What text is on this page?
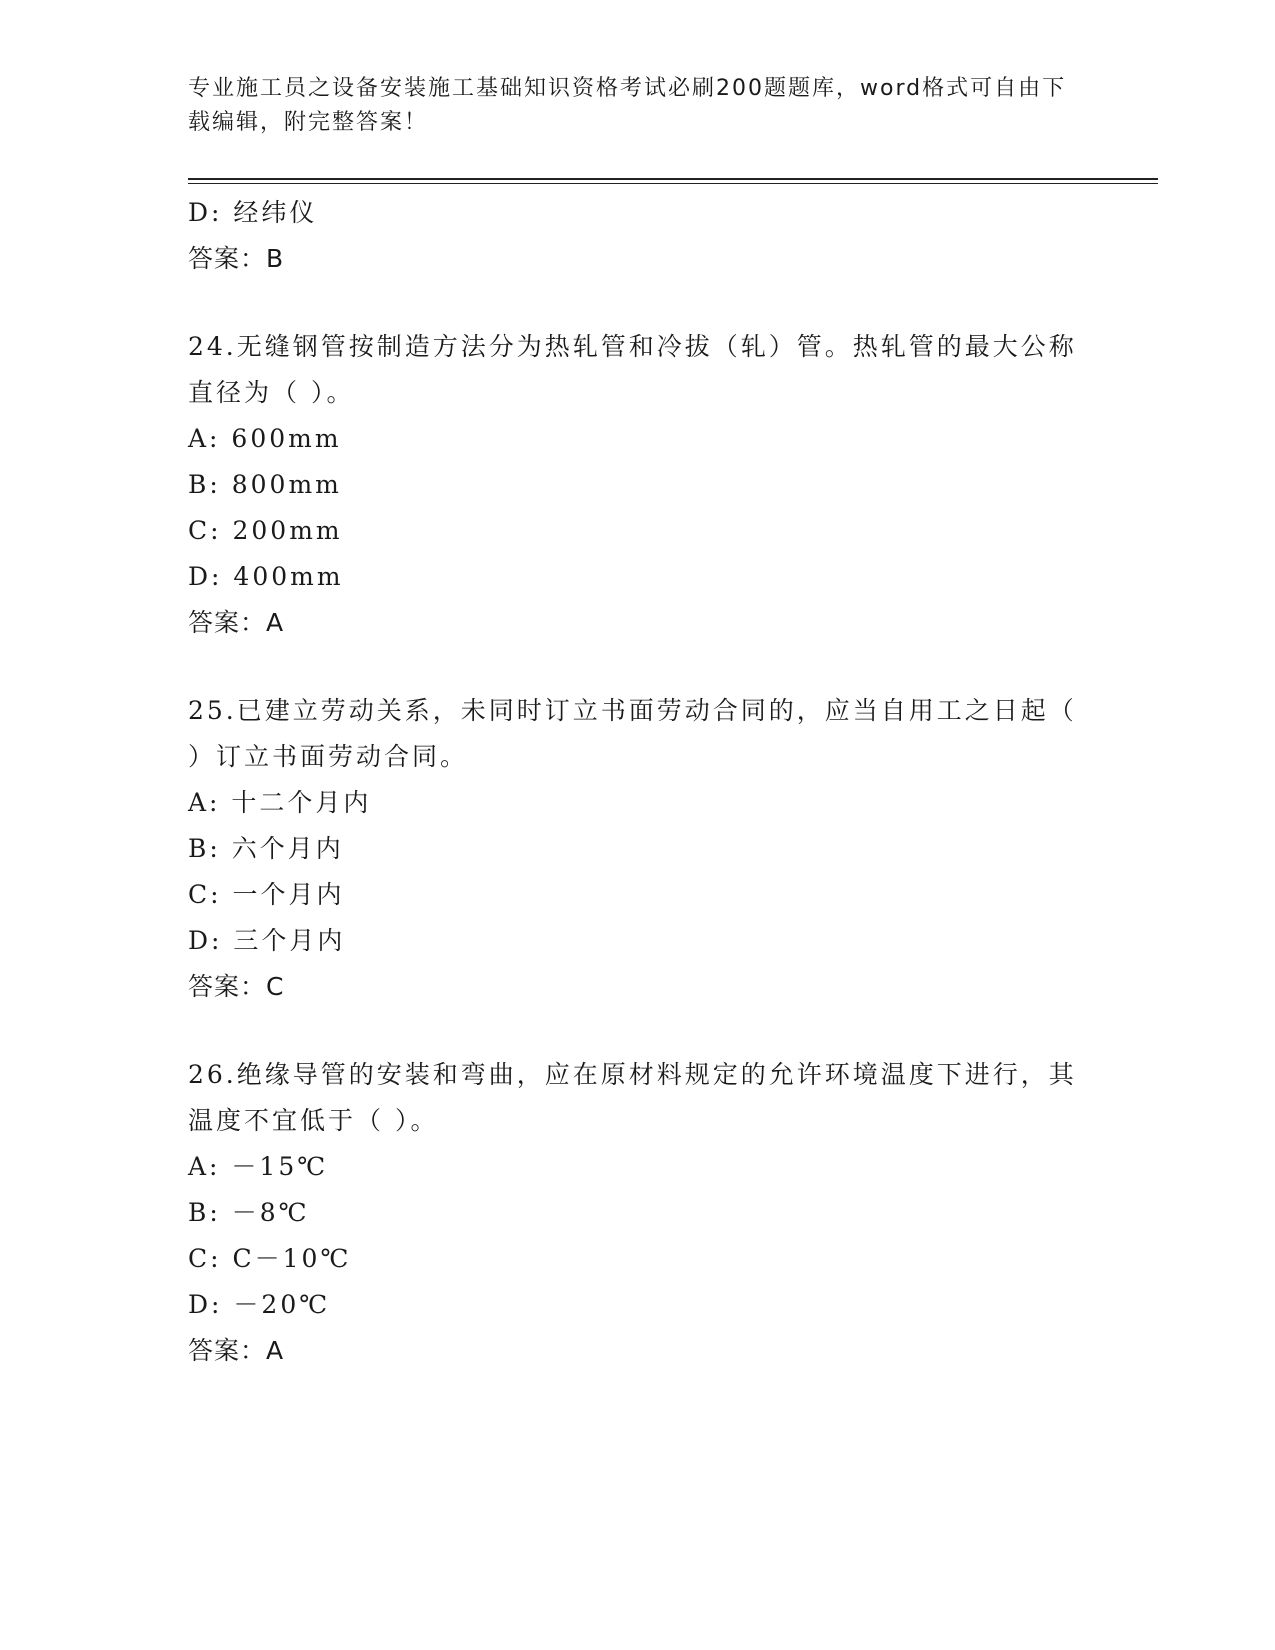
专业施工员之设备安装施工基础知识资格考试必刷200题题库，word格式可自由下载编辑，附完整答案！
D: 经纬仪
答案：B
24.无缝钢管按制造方法分为热轧管和冷拔（轧）管。热轧管的最大公称直径为（ ）。
A: 600mm
B: 800mm
C: 200mm
D: 400mm
答案：A
25.已建立劳动关系，未同时订立书面劳动合同的，应当自用工之日起（ ）订立书面劳动合同。
A: 十二个月内
B: 六个月内
C: 一个月内
D: 三个月内
答案：C
26.绝缘导管的安装和弯曲，应在原材料规定的允许环境温度下进行，其温度不宜低于（ ）。
A: －15℃
B: －8℃
C: C－10℃
D: －20℃
答案：A
